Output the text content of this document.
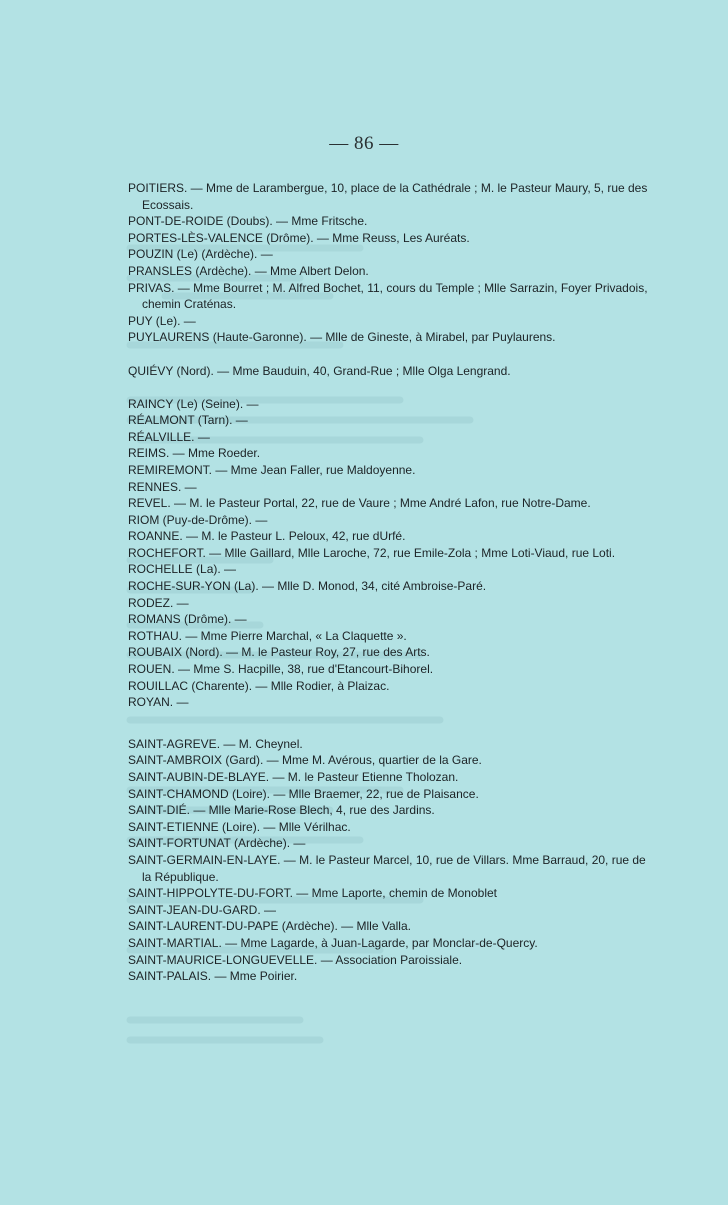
— 86 —

POITIERS. — Mme de Larambergue, 10, place de la Cathédrale ; M. le Pasteur Maury, 5, rue des Ecossais.

PONT-DE-ROIDE (Doubs). — Mme Fritsche.

PORTES-LÈS-VALENCE (Drôme). — Mme Reuss, Les Auréats.

POUZIN (Le) (Ardèche). —

PRANSLES (Ardèche). — Mme Albert Delon.

PRIVAS. — Mme Bourret ; M. Alfred Bochet, 11, cours du Temple ; Mlle Sarrazin, Foyer Privadois, chemin Craténas.

PUY (Le). —

PUYLAURENS (Haute-Garonne). — Mlle de Gineste, à Mirabel, par Puylaurens.

QUIÉVY (Nord). — Mme Bauduin, 40, Grand-Rue ; Mlle Olga Lengrand.

RAINCY (Le) (Seine). —

RÉALMONT (Tarn). —

RÉALVILLE. —

REIMS. — Mme Roeder.

REMIREMONT. — Mme Jean Faller, rue Maldoyenne.

RENNES. —

REVEL. — M. le Pasteur Portal, 22, rue de Vaure ; Mme André Lafon, rue Notre-Dame.

RIOM (Puy-de-Drôme). —

ROANNE. — M. le Pasteur L. Peloux, 42, rue dUrfé.

ROCHEFORT. — Mlle Gaillard, Mlle Laroche, 72, rue Emile-Zola ; Mme Loti-Viaud, rue Loti.

ROCHELLE (La). —

ROCHE-SUR-YON (La). — Mlle D. Monod, 34, cité Ambroise-Paré.

RODEZ. —

ROMANS (Drôme). —

ROTHAU. — Mme Pierre Marchal, « La Claquette ».

ROUBAIX (Nord). — M. le Pasteur Roy, 27, rue des Arts.

ROUEN. — Mme S. Hacpille, 38, rue d'Etancourt-Bihorel.

ROUILLAC (Charente). — Mlle Rodier, à Plaizac.

ROYAN. —

SAINT-AGREVE. — M. Cheynel.

SAINT-AMBROIX (Gard). — Mme M. Avérous, quartier de la Gare.

SAINT-AUBIN-DE-BLAYE. — M. le Pasteur Etienne Tholozan.

SAINT-CHAMOND (Loire). — Mlle Braemer, 22, rue de Plaisance.

SAINT-DIÉ. — Mlle Marie-Rose Blech, 4, rue des Jardins.

SAINT-ETIENNE (Loire). — Mlle Vérilhac.

SAINT-FORTUNAT (Ardèche). —

SAINT-GERMAIN-EN-LAYE. — M. le Pasteur Marcel, 10, rue de Villars. Mme Barraud, 20, rue de la République.

SAINT-HIPPOLYTE-DU-FORT. — Mme Laporte, chemin de Monoblet

SAINT-JEAN-DU-GARD. —

SAINT-LAURENT-DU-PAPE (Ardèche). — Mlle Valla.

SAINT-MARTIAL. — Mme Lagarde, à Juan-Lagarde, par Monclar-de-Quercy.

SAINT-MAURICE-LONGUEVELLE. — Association Paroissiale.

SAINT-PALAIS. — Mme Poirier.
